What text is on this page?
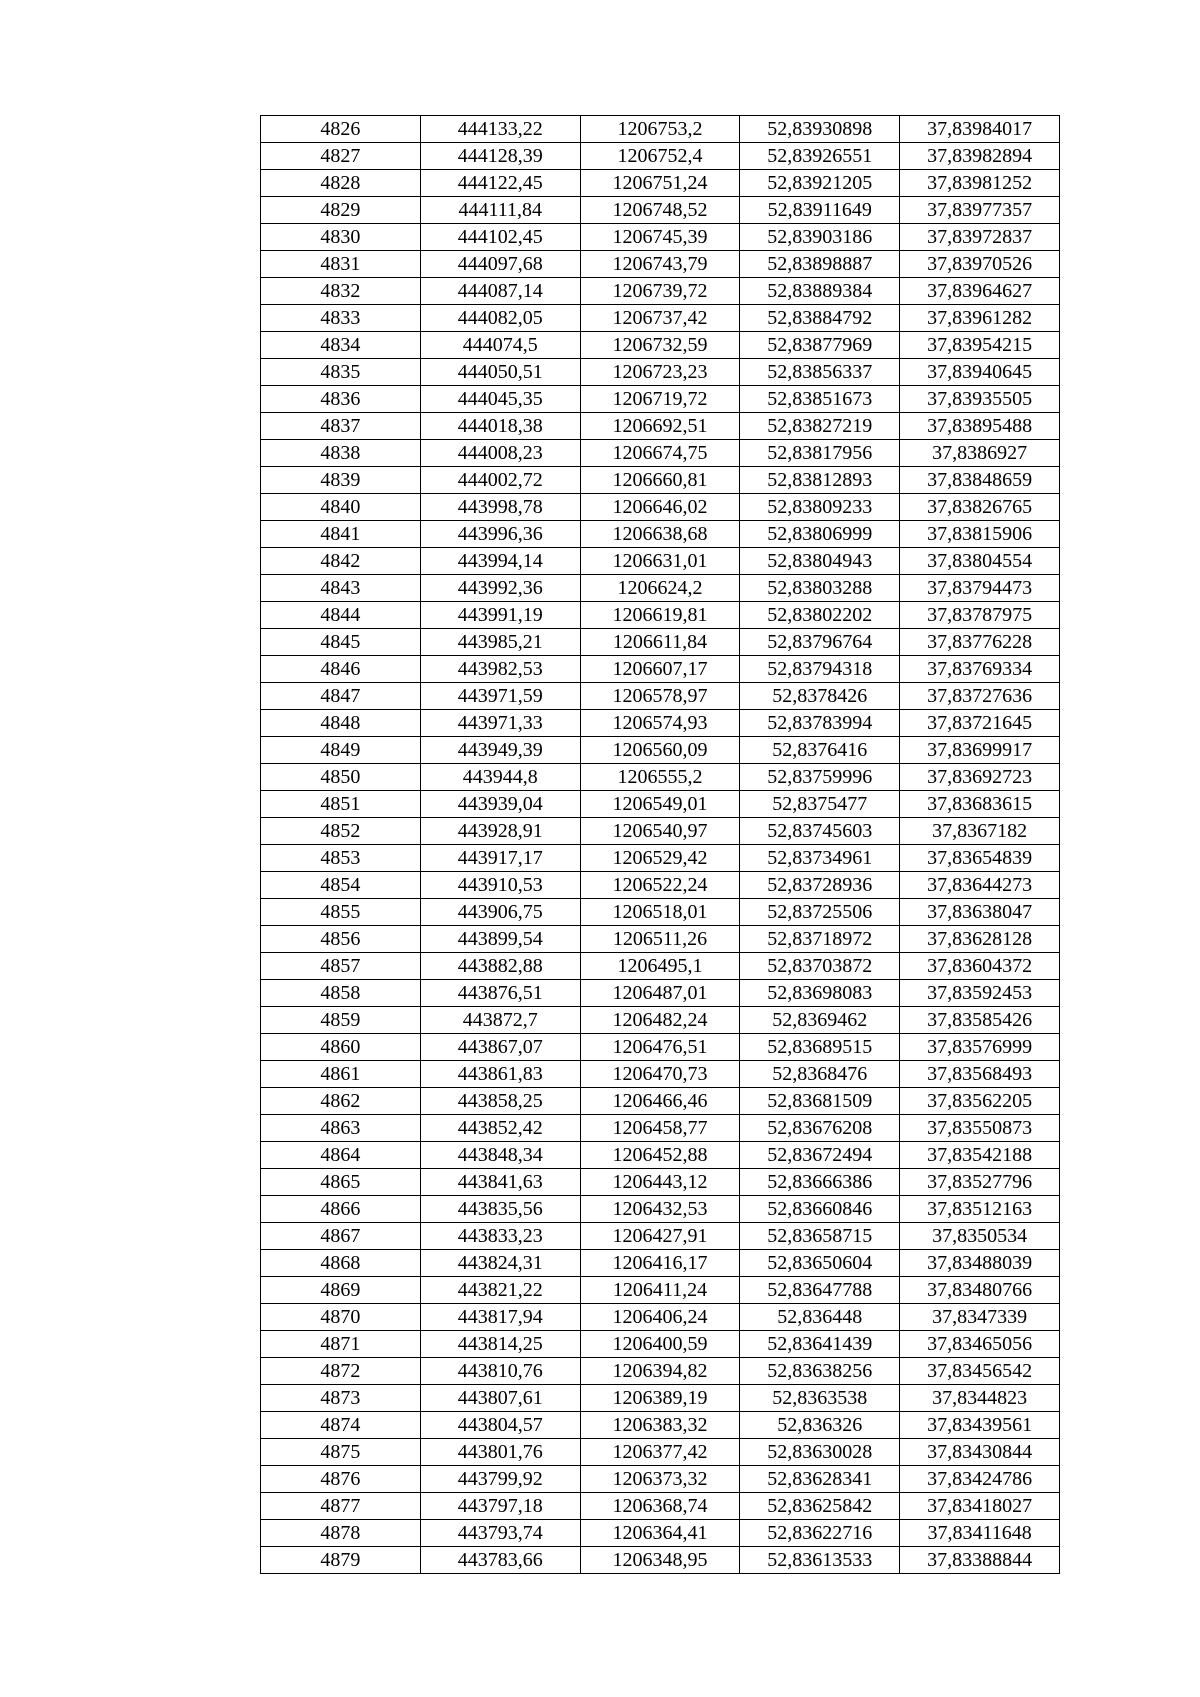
4826	444133,22	1206753,2	52,83930898	37,83984017
4827	444128,39	1206752,4	52,83926551	37,83982894
4828	444122,45	1206751,24	52,83921205	37,83981252
4829	444111,84	1206748,52	52,83911649	37,83977357
4830	444102,45	1206745,39	52,83903186	37,83972837
4831	444097,68	1206743,79	52,83898887	37,83970526
4832	444087,14	1206739,72	52,83889384	37,83964627
4833	444082,05	1206737,42	52,83884792	37,83961282
4834	444074,5	1206732,59	52,83877969	37,83954215
4835	444050,51	1206723,23	52,83856337	37,83940645
4836	444045,35	1206719,72	52,83851673	37,83935505
4837	444018,38	1206692,51	52,83827219	37,83895488
4838	444008,23	1206674,75	52,83817956	37,8386927
4839	444002,72	1206660,81	52,83812893	37,83848659
4840	443998,78	1206646,02	52,83809233	37,83826765
4841	443996,36	1206638,68	52,83806999	37,83815906
4842	443994,14	1206631,01	52,83804943	37,83804554
4843	443992,36	1206624,2	52,83803288	37,83794473
4844	443991,19	1206619,81	52,83802202	37,83787975
4845	443985,21	1206611,84	52,83796764	37,83776228
4846	443982,53	1206607,17	52,83794318	37,83769334
4847	443971,59	1206578,97	52,8378426	37,83727636
4848	443971,33	1206574,93	52,83783994	37,83721645
4849	443949,39	1206560,09	52,8376416	37,83699917
4850	443944,8	1206555,2	52,83759996	37,83692723
4851	443939,04	1206549,01	52,8375477	37,83683615
4852	443928,91	1206540,97	52,83745603	37,8367182
4853	443917,17	1206529,42	52,83734961	37,83654839
4854	443910,53	1206522,24	52,83728936	37,83644273
4855	443906,75	1206518,01	52,83725506	37,83638047
4856	443899,54	1206511,26	52,83718972	37,83628128
4857	443882,88	1206495,1	52,83703872	37,83604372
4858	443876,51	1206487,01	52,83698083	37,83592453
4859	443872,7	1206482,24	52,8369462	37,83585426
4860	443867,07	1206476,51	52,83689515	37,83576999
4861	443861,83	1206470,73	52,8368476	37,83568493
4862	443858,25	1206466,46	52,83681509	37,83562205
4863	443852,42	1206458,77	52,83676208	37,83550873
4864	443848,34	1206452,88	52,83672494	37,83542188
4865	443841,63	1206443,12	52,83666386	37,83527796
4866	443835,56	1206432,53	52,83660846	37,83512163
4867	443833,23	1206427,91	52,83658715	37,8350534
4868	443824,31	1206416,17	52,83650604	37,83488039
4869	443821,22	1206411,24	52,83647788	37,83480766
4870	443817,94	1206406,24	52,836448	37,8347339
4871	443814,25	1206400,59	52,83641439	37,83465056
4872	443810,76	1206394,82	52,83638256	37,83456542
4873	443807,61	1206389,19	52,8363538	37,8344823
4874	443804,57	1206383,32	52,836326	37,83439561
4875	443801,76	1206377,42	52,83630028	37,83430844
4876	443799,92	1206373,32	52,83628341	37,83424786
4877	443797,18	1206368,74	52,83625842	37,83418027
4878	443793,74	1206364,41	52,83622716	37,83411648
4879	443783,66	1206348,95	52,83613533	37,83388844
